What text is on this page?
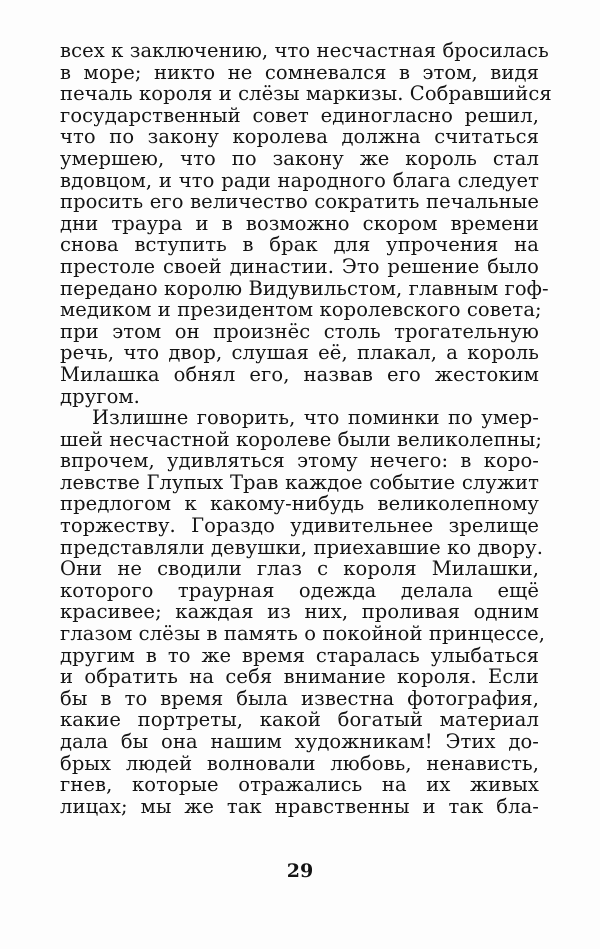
всех к заключению, что несчастная бросилась
в море; никто не сомневался в этом, видя
печаль короля и слёзы маркизы. Собравшийся
государственный совет единогласно решил,
что по закону королева должна считаться
умершею, что по закону же король стал
вдовцом, и что ради народного блага следует
просить его величество сократить печальные
дни траура и в возможно скором времени
снова вступить в брак для упрочения на
престоле своей династии. Это решение было
передано королю Видувильстом, главным гоф-
медиком и президентом королевского совета;
при этом он произнёс столь трогательную
речь, что двор, слушая её, плакал, а король
Милашка обнял его, назвав его жестоким
другом.
Излишне говорить, что поминки по умер-
шей несчастной королеве были великолепны;
впрочем, удивляться этому нечего: в коро-
левстве Глупых Трав каждое событие служит
предлогом к какому-нибудь великолепному
торжеству. Гораздо удивительнее зрелище
представляли девушки, приехавшие ко двору.
Они не сводили глаз с короля Милашки,
которого траурная одежда делала ещё
красивее; каждая из них, проливая одним
глазом слёзы в память о покойной принцессе,
другим в то же время старалась улыбаться
и обратить на себя внимание короля. Если
бы в то время была известна фотография,
какие портреты, какой богатый материал
дала бы она нашим художникам! Этих до-
брых людей волновали любовь, ненависть,
гнев, которые отражались на их живых
лицах; мы же так нравственны и так бла-
29
